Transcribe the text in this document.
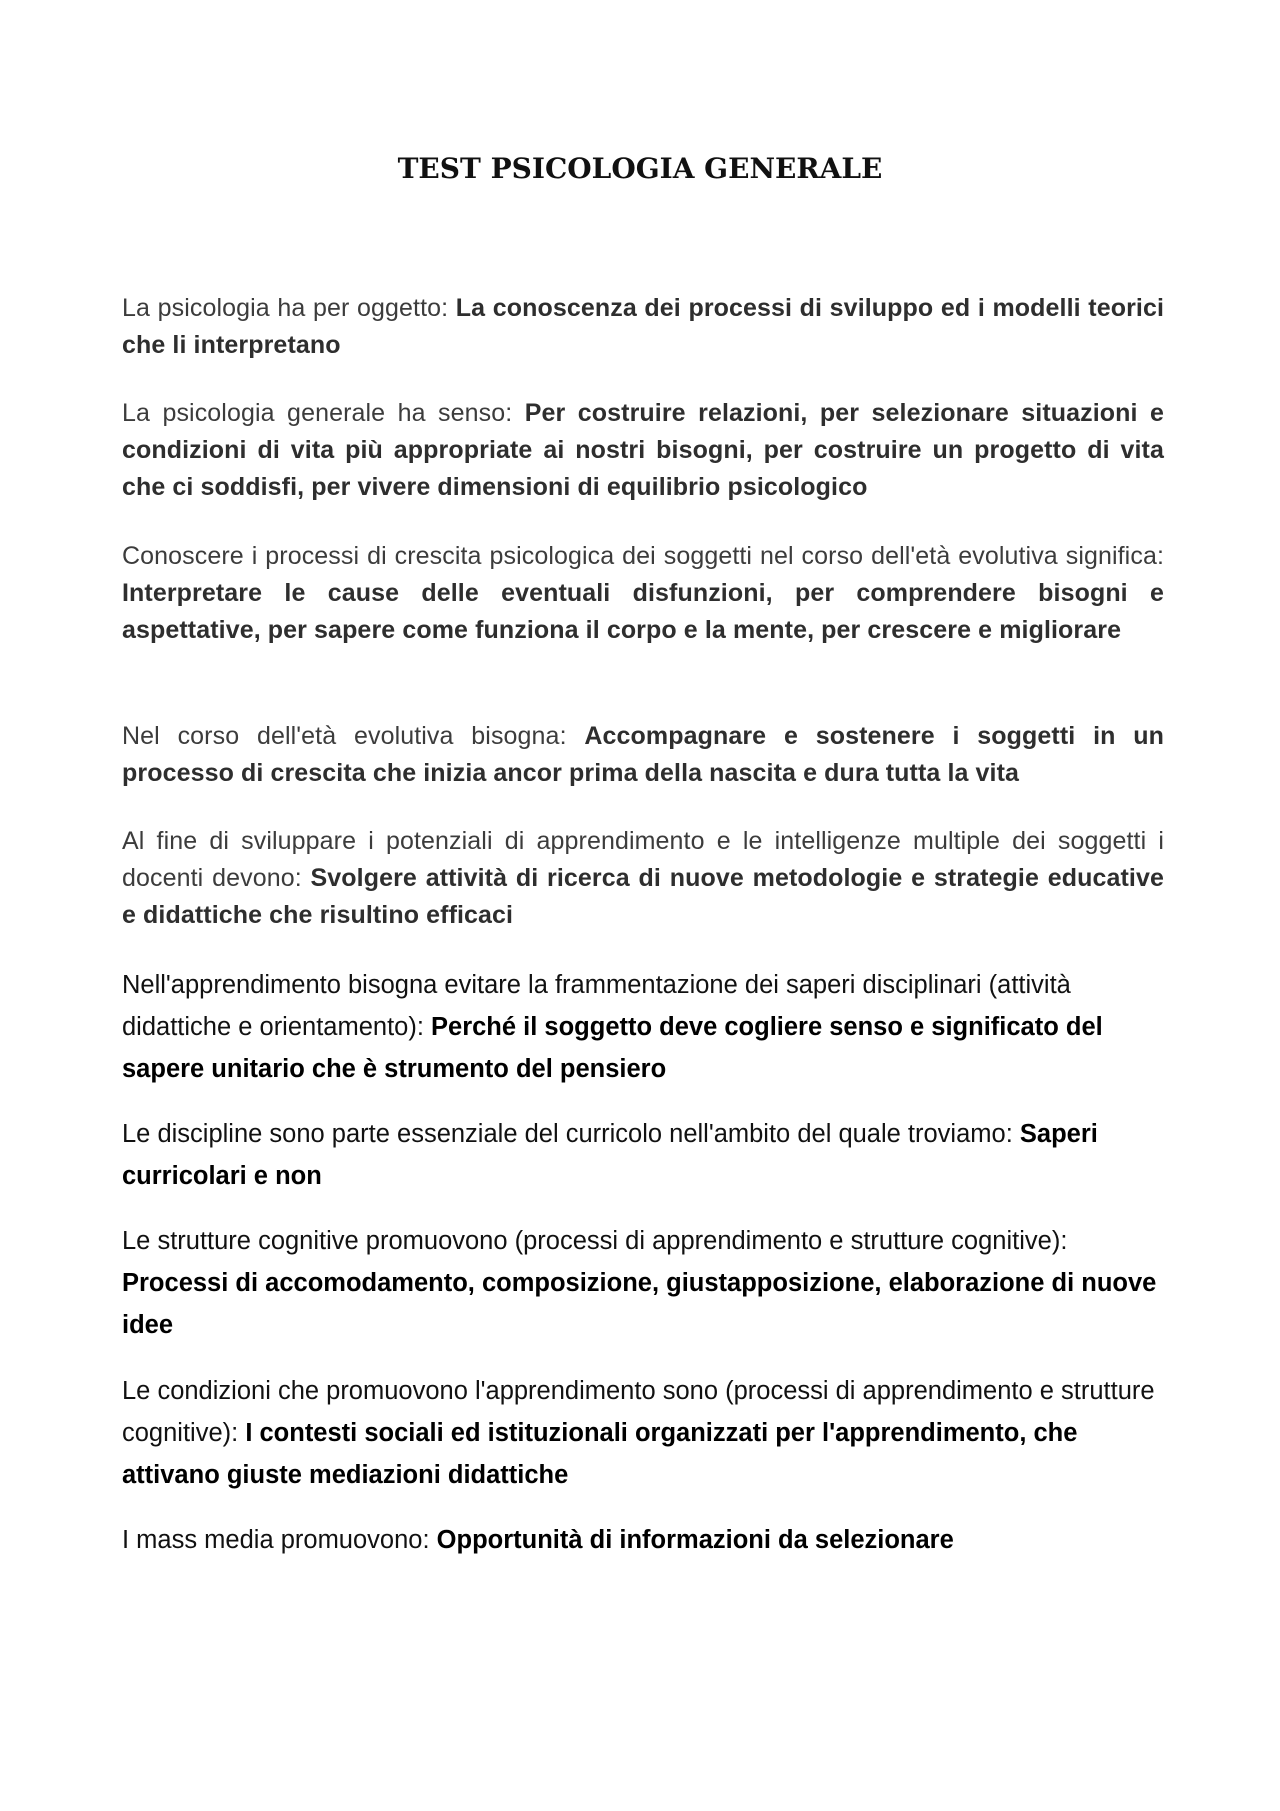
TEST PSICOLOGIA GENERALE

La psicologia ha per oggetto: La conoscenza dei processi di sviluppo ed i modelli teorici che li interpretano

La psicologia generale ha senso: Per costruire relazioni, per selezionare situazioni e condizioni di vita più appropriate ai nostri bisogni, per costruire un progetto di vita che ci soddisfi, per vivere dimensioni di equilibrio psicologico

Conoscere i processi di crescita psicologica dei soggetti nel corso dell'età evolutiva significa: Interpretare le cause delle eventuali disfunzioni, per comprendere bisogni e aspettative, per sapere come funziona il corpo e la mente, per crescere e migliorare

Nel corso dell'età evolutiva bisogna: Accompagnare e sostenere i soggetti in un processo di crescita che inizia ancor prima della nascita e dura tutta la vita

Al fine di sviluppare i potenziali di apprendimento e le intelligenze multiple dei soggetti i docenti devono: Svolgere attività di ricerca di nuove metodologie e strategie educative e didattiche che risultino efficaci

Nell'apprendimento bisogna evitare la frammentazione dei saperi disciplinari (attività didattiche e orientamento): Perché il soggetto deve cogliere senso e significato del sapere unitario che è strumento del pensiero

Le discipline sono parte essenziale del curricolo nell'ambito del quale troviamo: Saperi curricolari e non

Le strutture cognitive promuovono (processi di apprendimento e strutture cognitive): Processi di accomodamento, composizione, giustapposizione, elaborazione di nuove idee

Le condizioni che promuovono l'apprendimento sono (processi di apprendimento e strutture cognitive): I contesti sociali ed istituzionali organizzati per l'apprendimento, che attivano giuste mediazioni didattiche

I mass media promuovono: Opportunità di informazioni da selezionare
